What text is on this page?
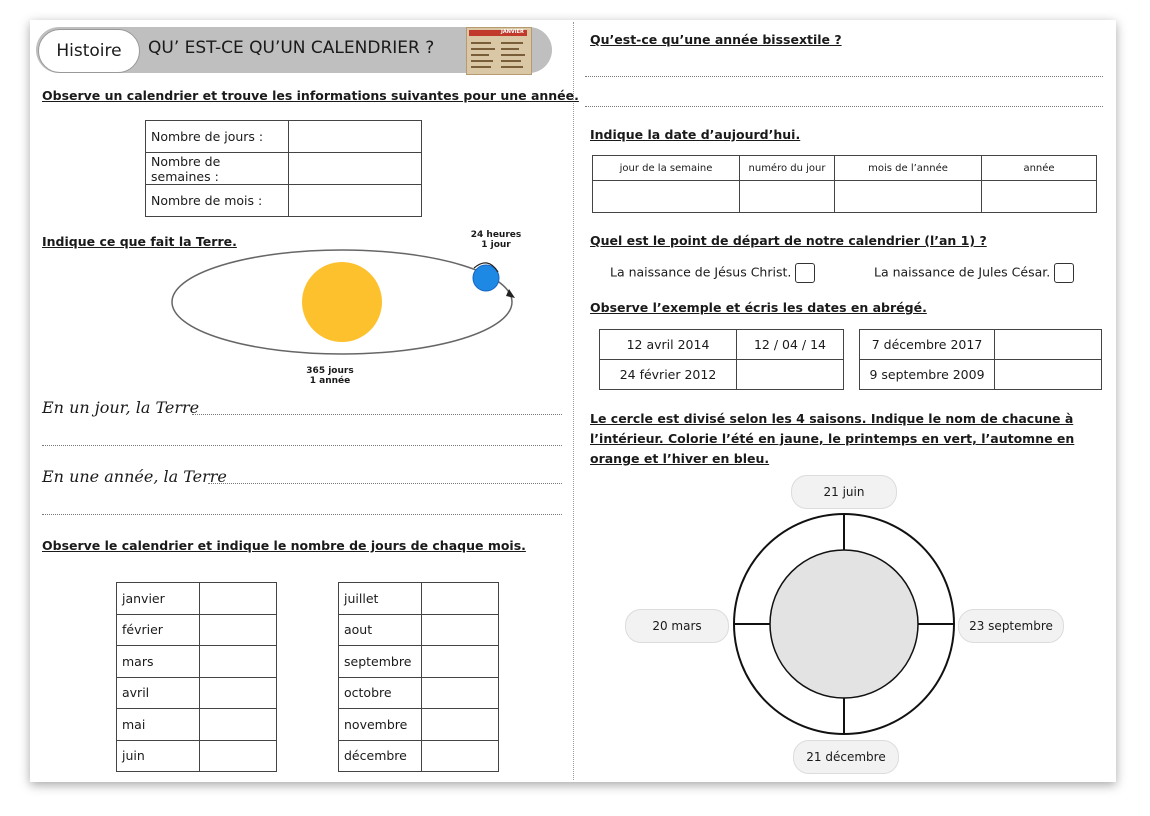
Histoire QU’ EST-CE QU’UN CALENDRIER ?
JANVIER
Observe un calendrier et trouve les informations suivantes pour une année.
Nombre de jours :	
Nombre de semaines :	
Nombre de mois :	
Indique ce que fait la Terre.	24 heures
1 jour
365 jours
1 année
En un jour, la Terre
En une année, la Terre
Observe le calendrier et indique le nombre de jours de chaque mois.
janvier	
février	
mars	
avril	
mai	
juin	
juillet	
aout	
septembre	
octobre	
novembre	
décembre	
Qu’est-ce qu’une année bissextile ?
Indique la date d’aujourd’hui.
jour de la semaine	numéro du jour	mois de l’année	année

Quel est le point de départ de notre calendrier (l’an 1) ?
La naissance de Jésus Christ.	La naissance de Jules César.
Observe l’exemple et écris les dates en abrégé.
12 avril 2014	12 / 04 / 14
24 février 2012	
7 décembre 2017	
9 septembre 2009	
Le cercle est divisé selon les 4 saisons. Indique le nom de chacune à
l’intérieur. Colorie l’été en jaune, le printemps en vert, l’automne en
orange et l’hiver en bleu.
21 juin
20 mars	23 septembre
21 décembre
